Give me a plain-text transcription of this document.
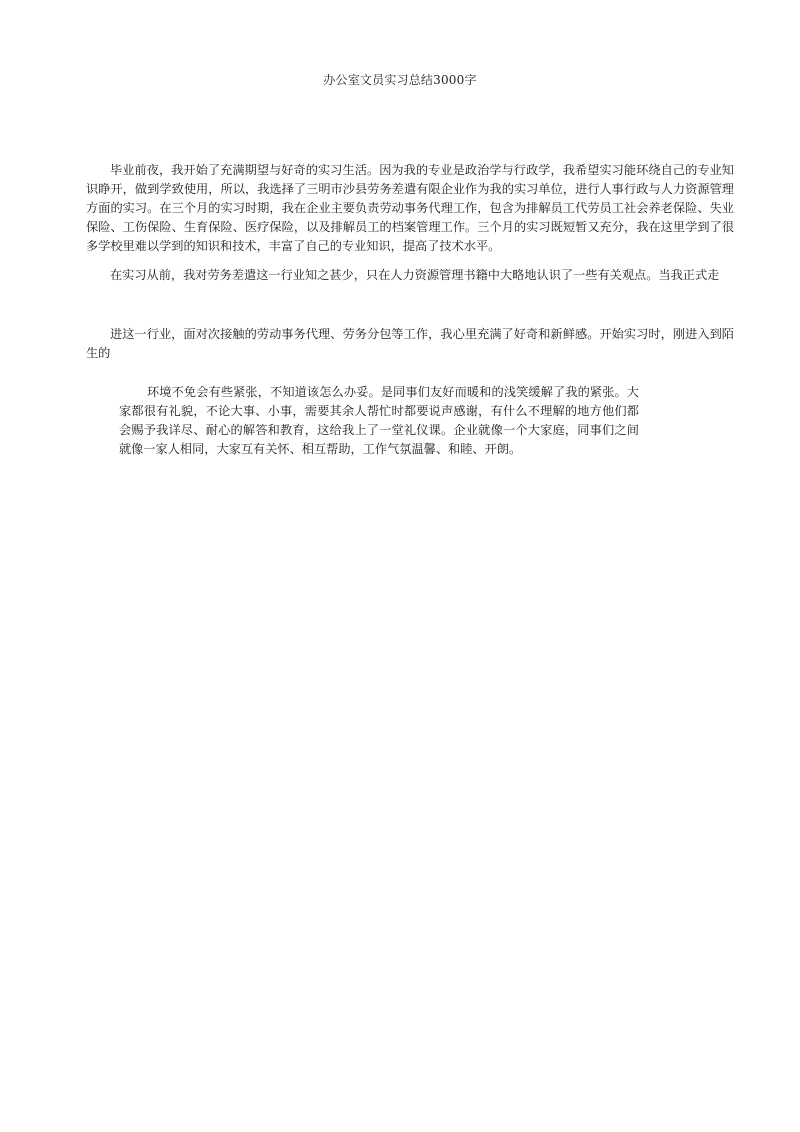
办公室文员实习总结3000字

毕业前夜，我开始了充满期望与好奇的实习生活。因为我的专业是政治学与行政学，我希望实习能环绕自己的专业知识睁开，做到学致使用，所以，我选择了三明市沙县劳务差遣有限企业作为我的实习单位，进行人事行政与人力资源管理方面的实习。在三个月的实习时期，我在企业主要负责劳动事务代理工作，包含为排解员工代劳员工社会养老保险、失业保险、工伤保险、生育保险、医疗保险，以及排解员工的档案管理工作。三个月的实习既短暂又充分，我在这里学到了很多学校里难以学到的知识和技术，丰富了自己的专业知识，提高了技术水平。

在实习从前，我对劳务差遣这一行业知之甚少，只在人力资源管理书籍中大略地认识了一些有关观点。当我正式走

进这一行业，面对次接触的劳动事务代理、劳务分包等工作，我心里充满了好奇和新鲜感。开始实习时，刚进入到陌生的

环境不免会有些紧张，不知道该怎么办妥。是同事们友好而暖和的浅笑缓解了我的紧张。大家都很有礼貌，不论大事、小事，需要其余人帮忙时都要说声感谢，有什么不理解的地方他们都会赐予我详尽、耐心的解答和教育，这给我上了一堂礼仪课。企业就像一个大家庭，同事们之间就像一家人相同，大家互有关怀、相互帮助，工作气氛温馨、和睦、开朗。
